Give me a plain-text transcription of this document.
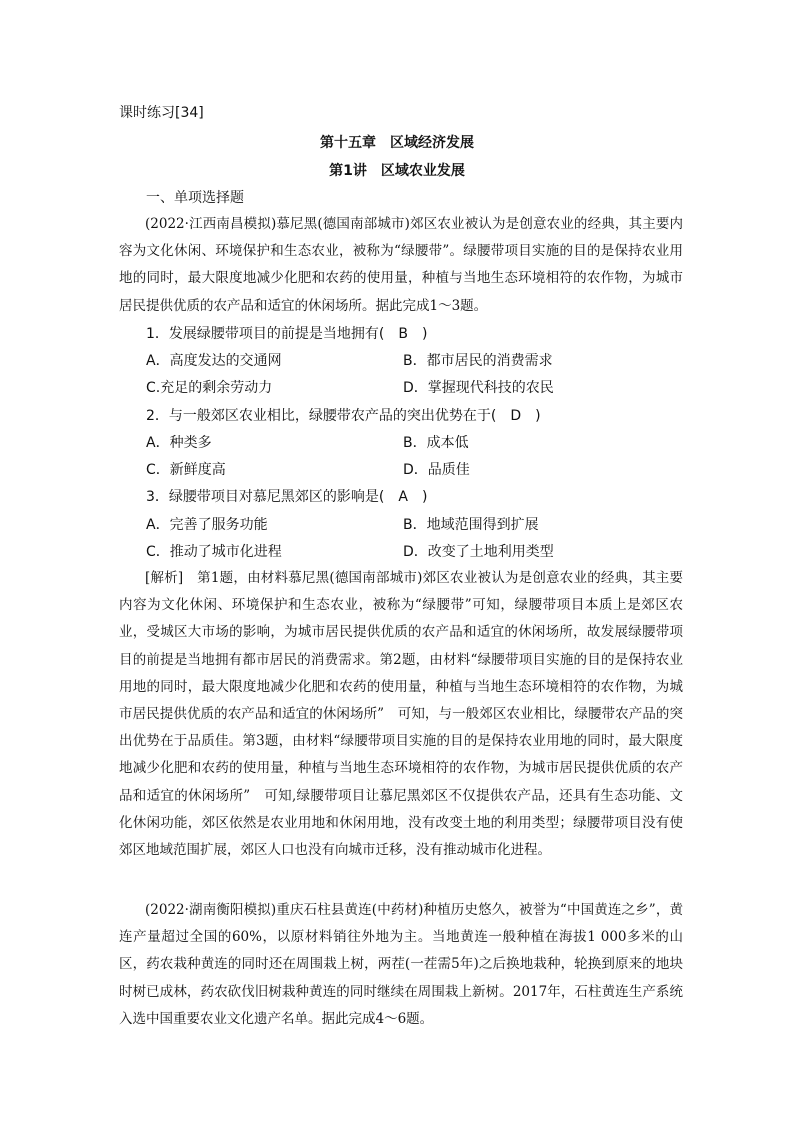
课时练习[34]
第十五章　区域经济发展
第1讲　区域农业发展
一、单项选择题
(2022·江西南昌模拟)慕尼黑(德国南部城市)郊区农业被认为是创意农业的经典，其主要内容为文化休闲、环境保护和生态农业，被称为“绿腰带”。绿腰带项目实施的目的是保持农业用地的同时，最大限度地减少化肥和农药的使用量，种植与当地生态环境相符的农作物，为城市居民提供优质的农产品和适宜的休闲场所。据此完成1～3题。
1．发展绿腰带项目的前提是当地拥有(　B　)
A．高度发达的交通网	B．都市居民的消费需求
C.充足的剩余劳动力	D．掌握现代科技的农民
2．与一般郊区农业相比，绿腰带农产品的突出优势在于(　D　)
A．种类多	B．成本低
C．新鲜度高	D．品质佳
3．绿腰带项目对慕尼黑郊区的影响是(　A　)
A．完善了服务功能	B．地域范围得到扩展
C．推动了城市化进程	D．改变了土地利用类型
[解析]　第1题，由材料慕尼黑(德国南部城市)郊区农业被认为是创意农业的经典，其主要内容为文化休闲、环境保护和生态农业，被称为“绿腰带”可知，绿腰带项目本质上是郊区农业，受城区大市场的影响，为城市居民提供优质的农产品和适宜的休闲场所，故发展绿腰带项目的前提是当地拥有都市居民的消费需求。第2题，由材料“绿腰带项目实施的目的是保持农业用地的同时，最大限度地减少化肥和农药的使用量，种植与当地生态环境相符的农作物，为城市居民提供优质的农产品和适宜的休闲场所”　可知，与一般郊区农业相比，绿腰带农产品的突出优势在于品质佳。第3题，由材料“绿腰带项目实施的目的是保持农业用地的同时，最大限度地减少化肥和农药的使用量，种植与当地生态环境相符的农作物，为城市居民提供优质的农产品和适宜的休闲场所”　可知,绿腰带项目让慕尼黑郊区不仅提供农产品，还具有生态功能、文化休闲功能，郊区依然是农业用地和休闲用地，没有改变土地的利用类型；绿腰带项目没有使郊区地域范围扩展，郊区人口也没有向城市迁移，没有推动城市化进程。
(2022·湖南衡阳模拟)重庆石柱县黄连(中药材)种植历史悠久，被誉为“中国黄连之乡”，黄连产量超过全国的60%，以原材料销往外地为主。当地黄连一般种植在海拔1 000多米的山区，药农栽种黄连的同时还在周围栽上树，两茬(一茬需5年)之后换地栽种，轮换到原来的地块时树已成林，药农砍伐旧树栽种黄连的同时继续在周围栽上新树。2017年，石柱黄连生产系统入选中国重要农业文化遗产名单。据此完成4～6题。
